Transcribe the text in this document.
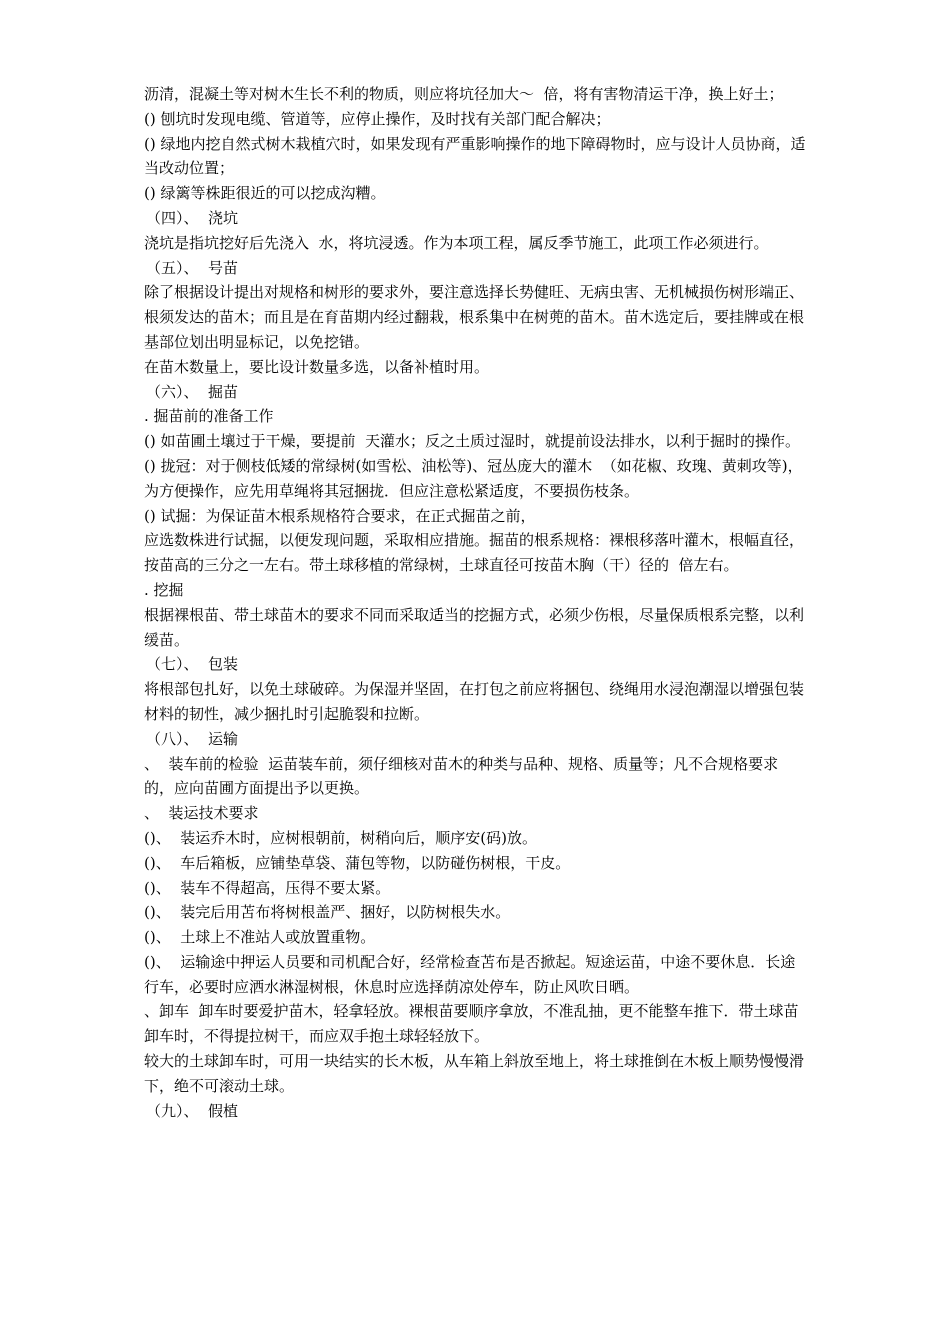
沥清，混凝土等对树木生长不利的物质，则应将坑径加大～  倍，将有害物清运干净，换上好土；

() 刨坑时发现电缆、管道等，应停止操作，及时找有关部门配合解决；

() 绿地内挖自然式树木栽植穴时，如果发现有严重影响操作的地下障碍物时，应与设计人员协商，适当改动位置；

() 绿篱等株距很近的可以挖成沟糟。

（四）、  浇坑

浇坑是指坑挖好后先浇入  水，将坑浸透。作为本项工程，属反季节施工，此项工作必须进行。

（五）、  号苗

除了根据设计提出对规格和树形的要求外，要注意选择长势健旺、无病虫害、无机械损伤树形端正、根须发达的苗木；而且是在育苗期内经过翻栽，根系集中在树蔸的苗木。苗木选定后，要挂牌或在根基部位划出明显标记，以免挖错。

在苗木数量上，要比设计数量多选，以备补植时用。

（六）、  掘苗

. 掘苗前的准备工作

() 如苗圃土壤过于干燥，要提前  天灌水；反之土质过湿时，就提前设法排水，以利于掘时的操作。

() 拢冠：对于侧枝低矮的常绿树(如雪松、油松等)、冠丛庞大的灌木  （如花椒、玫瑰、黄刺攻等)，为方便操作，应先用草绳将其冠捆拢．但应注意松紧适度，不要损伤枝条。

() 试掘：为保证苗木根系规格符合要求，在正式掘苗之前，

应选数株进行试掘，以便发现问题，采取相应措施。掘苗的根系规格：裸根移落叶灌木，根幅直径，按苗高的三分之一左右。带土球移植的常绿树，土球直径可按苗木胸（干）径的  倍左右。

. 挖掘

根据裸根苗、带土球苗木的要求不同而采取适当的挖掘方式，必须少伤根，尽量保质根系完整，以利缓苗。

（七）、  包装

将根部包扎好，以免土球破碎。为保湿并坚固，在打包之前应将捆包、绕绳用水浸泡潮湿以增强包装材料的韧性，减少捆扎时引起脆裂和拉断。

（八）、  运输

、  装车前的检验  运苗装车前，须仔细核对苗木的种类与品种、规格、质量等；凡不合规格要求的，应向苗圃方面提出予以更换。

、  装运技术要求

()、  装运乔木时，应树根朝前，树稍向后，顺序安(码)放。

()、  车后箱板，应铺垫草袋、蒲包等物，以防碰伤树根，干皮。

()、  装车不得超高，压得不要太紧。

()、  装完后用苫布将树根盖严、捆好，以防树根失水。

()、  土球上不准站人或放置重物。

()、  运输途中押运人员要和司机配合好，经常检查苫布是否掀起。短途运苗，中途不要休息．长途行车，必要时应洒水淋湿树根，休息时应选择荫凉处停车，防止风吹日晒。

、卸车  卸车时要爱护苗木，轻拿轻放。裸根苗要顺序拿放，不准乱抽，更不能整车推下．带土球苗卸车时，不得提拉树干，而应双手抱土球轻轻放下。

较大的土球卸车时，可用一块结实的长木板，从车箱上斜放至地上，将土球推倒在木板上顺势慢慢滑下，绝不可滚动土球。

（九）、  假植
